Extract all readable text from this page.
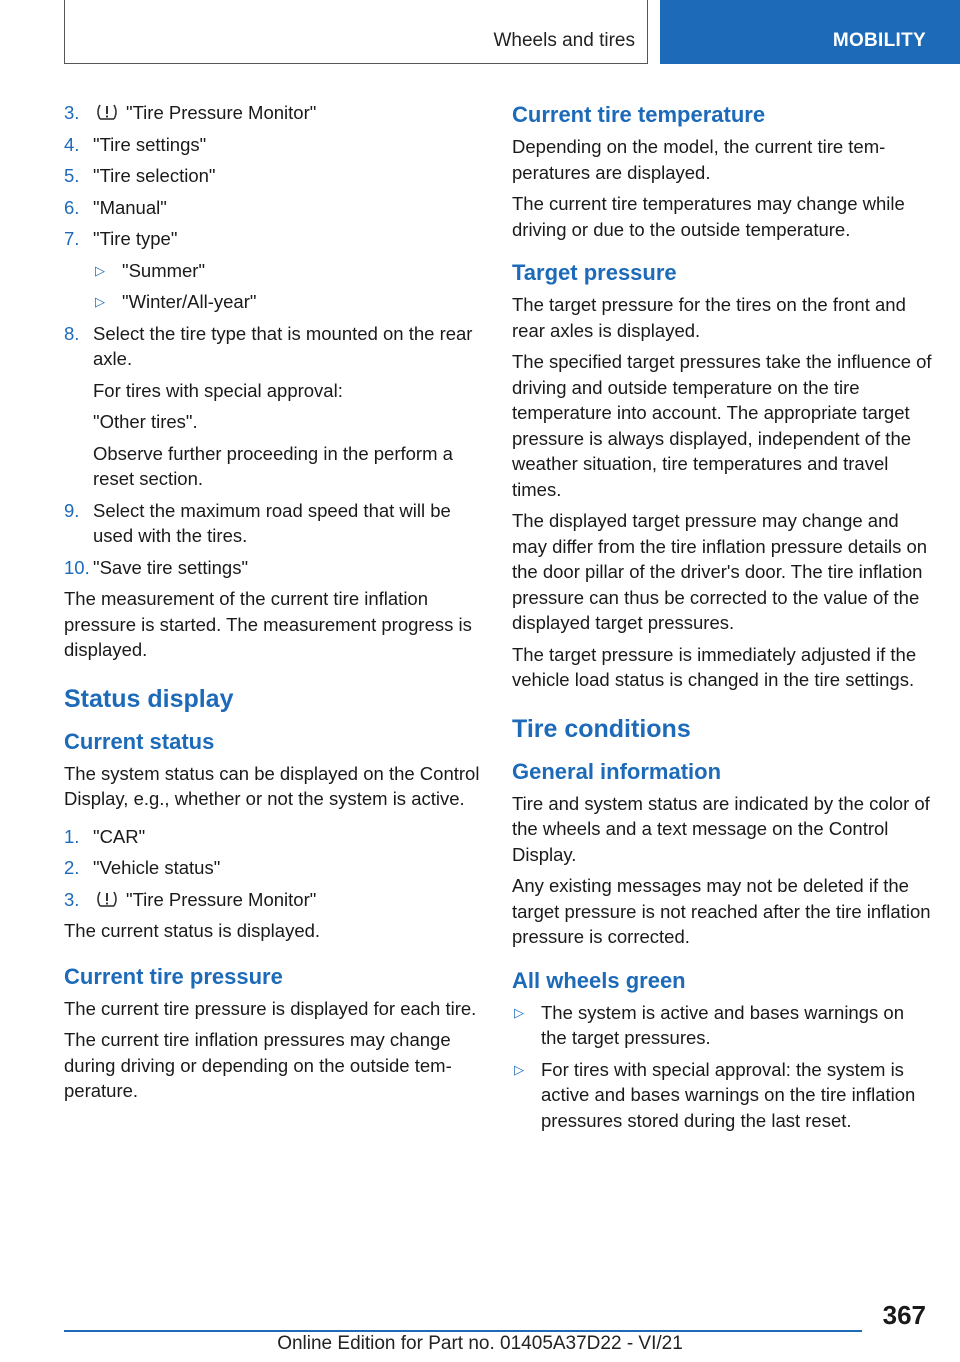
Wheels and tires	MOBILITY
3.	"Tire Pressure Monitor"
4. "Tire settings"
5. "Tire selection"
6. "Manual"
7. "Tire type"
▷ "Summer"
▷ "Winter/All-year"
8. Select the tire type that is mounted on the rear axle.
For tires with special approval:
"Other tires".
Observe further proceeding in the perform a reset section.
9. Select the maximum road speed that will be used with the tires.
10. "Save tire settings"

The measurement of the current tire inflation pressure is started. The measurement progress is displayed.

Status display
Current status

The system status can be displayed on the Control Display, e.g., whether or not the system is active.

1. "CAR"
2. "Vehicle status"
3.	"Tire Pressure Monitor"

The current status is displayed.

Current tire pressure

The current tire pressure is displayed for each tire.

The current tire inflation pressures may change during driving or depending on the outside temperature.

Current tire temperature

Depending on the model, the current tire temperatures are displayed.

The current tire temperatures may change while driving or due to the outside temperature.

Target pressure

The target pressure for the tires on the front and rear axles is displayed.

The specified target pressures take the influence of driving and outside temperature on the tire temperature into account. The appropriate target pressure is always displayed, independent of the weather situation, tire temperatures and travel times.

The displayed target pressure may change and may differ from the tire inflation pressure details on the door pillar of the driver's door. The tire inflation pressure can thus be corrected to the value of the displayed target pressures.

The target pressure is immediately adjusted if the vehicle load status is changed in the tire settings.

Tire conditions
General information

Tire and system status are indicated by the color of the wheels and a text message on the Control Display.

Any existing messages may not be deleted if the target pressure is not reached after the tire inflation pressure is corrected.

All wheels green
▷ The system is active and bases warnings on the target pressures.
▷ For tires with special approval: the system is active and bases warnings on the tire inflation pressures stored during the last reset.
367
Online Edition for Part no. 01405A37D22 - VI/21
